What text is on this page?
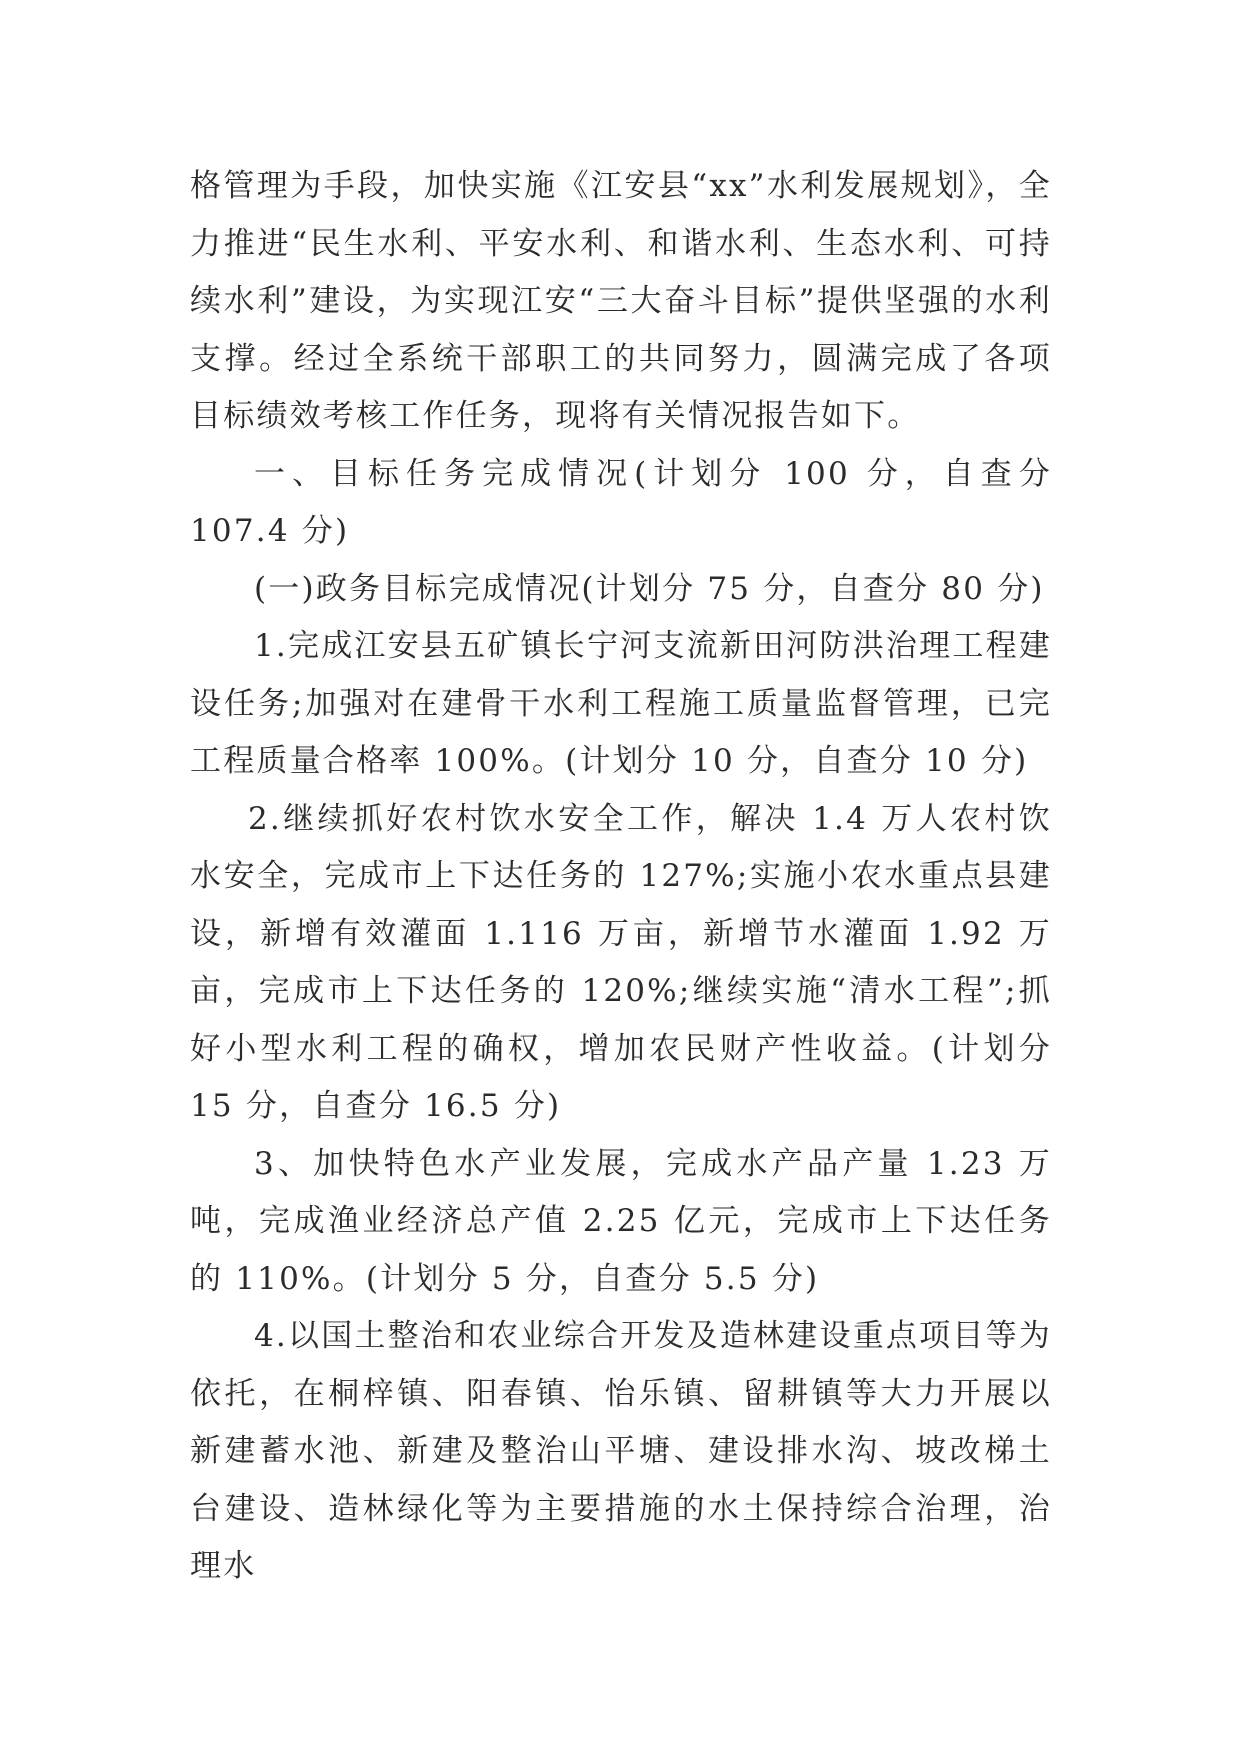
格管理为手段，加快实施《江安县“xx”水利发展规划》，全力推进“民生水利、平安水利、和谐水利、生态水利、可持续水利”建设，为实现江安“三大奋斗目标”提供坚强的水利支撑。经过全系统干部职工的共同努力，圆满完成了各项目标绩效考核工作任务，现将有关情况报告如下。

一、目标任务完成情况(计划分 100 分，自查分 107.4 分)

(一)政务目标完成情况(计划分 75 分，自查分 80 分)

1.完成江安县五矿镇长宁河支流新田河防洪治理工程建设任务;加强对在建骨干水利工程施工质量监督管理，已完工程质量合格率 100%。(计划分 10 分，自查分 10 分)

2.继续抓好农村饮水安全工作，解决 1.4 万人农村饮水安全，完成市上下达任务的 127%;实施小农水重点县建设，新增有效灌面 1.116 万亩，新增节水灌面 1.92 万亩，完成市上下达任务的 120%;继续实施“清水工程”;抓好小型水利工程的确权，增加农民财产性收益。(计划分 15 分，自查分 16.5 分)

3、加快特色水产业发展，完成水产品产量 1.23 万吨，完成渔业经济总产值 2.25 亿元，完成市上下达任务的 110%。(计划分 5 分，自查分 5.5 分)

4.以国土整治和农业综合开发及造林建设重点项目等为依托，在桐梓镇、阳春镇、怡乐镇、留耕镇等大力开展以新建蓄水池、新建及整治山平塘、建设排水沟、坡改梯土台建设、造林绿化等为主要措施的水土保持综合治理，治理水
